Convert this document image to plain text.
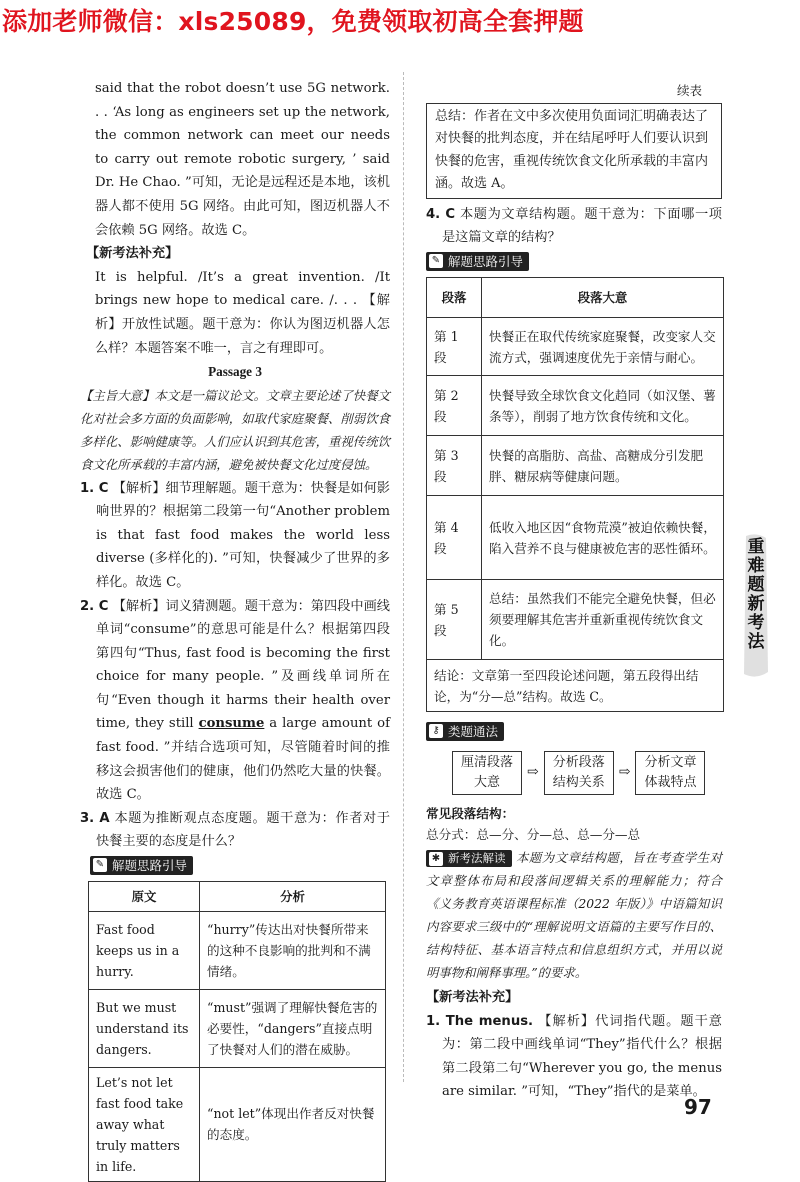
添加老师微信：xls25089，免费领取初高全套押题

said that the robot doesn’t use 5G network. . . ‘As long as engineers set up the network, the common network can meet our needs to carry out remote robotic surgery, ’ said Dr. He Chao. ”可知，无论是远程还是本地，该机器人都不使用 5G 网络。由此可知，图迈机器人不会依赖 5G 网络。故选 C。

【新考法补充】

It is helpful. /It’s a great invention. /It brings new hope to medical care. /. . . 【解析】开放性试题。题干意为：你认为图迈机器人怎么样？本题答案不唯一，言之有理即可。

Passage 3

【主旨大意】本文是一篇议论文。文章主要论述了快餐文化对社会多方面的负面影响，如取代家庭聚餐、削弱饮食多样化、影响健康等。人们应认识到其危害，重视传统饮食文化所承载的丰富内涵，避免被快餐文化过度侵蚀。

1. C 【解析】细节理解题。题干意为：快餐是如何影响世界的？根据第二段第一句“Another problem is that fast food makes the world less diverse (多样化的). ”可知，快餐减少了世界的多样化。故选 C。

2. C 【解析】词义猜测题。题干意为：第四段中画线单词“consume”的意思可能是什么？根据第四段第四句“Thus, fast food is becoming the first choice for many people. ”及画线单词所在句“Even though it harms their health over time, they still consume a large amount of fast food. ”并结合选项可知，尽管随着时间的推移这会损害他们的健康，他们仍然吃大量的快餐。故选 C。

3. A 本题为推断观点态度题。题干意为：作者对于快餐主要的态度是什么？

✎ 解题思路引导
原文	分析
Fast food keeps us in a hurry.	“hurry”传达出对快餐所带来的这种不良影响的批判和不满情绪。
But we must understand its dangers.	“must”强调了理解快餐危害的必要性，“dangers”直接点明了快餐对人们的潜在威胁。
Let’s not let fast food take away what truly matters in life.	“not let”体现出作者反对快餐的态度。

续表

总结：作者在文中多次使用负面词汇明确表达了对快餐的批判态度，并在结尾呼吁人们要认识到快餐的危害，重视传统饮食文化所承载的丰富内涵。故选 A。

4. C 本题为文章结构题。题干意为：下面哪一项是这篇文章的结构？

✎ 解题思路引导
段落	段落大意
第 1 段	快餐正在取代传统家庭聚餐，改变家人交流方式，强调速度优先于亲情与耐心。
第 2 段	快餐导致全球饮食文化趋同（如汉堡、薯条等），削弱了地方饮食传统和文化。
第 3 段	快餐的高脂肪、高盐、高糖成分引发肥胖、糖尿病等健康问题。
第 4 段	低收入地区因“食物荒漠”被迫依赖快餐，陷入营养不良与健康被危害的恶性循环。
第 5 段	总结：虽然我们不能完全避免快餐，但必须要理解其危害并重新重视传统饮食文化。
结论：文章第一至四段论述问题，第五段得出结论，为“分—总”结构。故选 C。	
⚷ 类题通法
厘清段落大意
⇨
分析段落结构关系
⇨
分析文章体裁特点

常见段落结构：

总分式：总—分、分—总、总—分—总

✱ 新考法解读 本题为文章结构题，旨在考查学生对文章整体布局和段落间逻辑关系的理解能力；符合《义务教育英语课程标准（2022 年版）》中语篇知识内容要求三级中的“理解说明文语篇的主要写作目的、结构特征、基本语言特点和信息组织方式，并用以说明事物和阐释事理。”的要求。

【新考法补充】

1. The menus. 【解析】代词指代题。题干意为：第二段中画线单词“They”指代什么？根据第二段第二句“Wherever you go, the menus are similar. ”可知，“They”指代的是菜单。

重难题新考法
97
